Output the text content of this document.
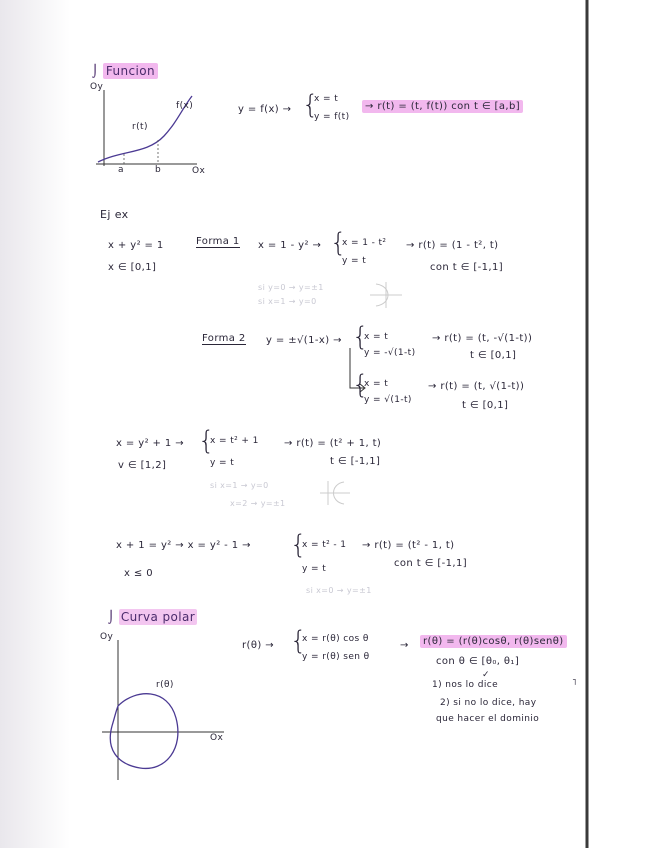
⌡ Funcion
Oy
f(x)
r(t)
a	b	Ox
y = f(x) → {
x = t
y = f(t)
→ r(t) = (t, f(t)) con t ∈ [a,b]
Ej ex
x + y² = 1
x ∈ [0,1]
Forma 1 x = 1 - y² → {
x = 1 - t²
y = t
→ r(t) = (1 - t², t)
con t ∈ [-1,1]
si y=0 → y=±1
si x=1 → y=0
Forma 2 y = ±√(1-x) → {
x = t
y = -√(1-t)
→ r(t) = (t, -√(1-t))
t ∈ [0,1]
{
x = t
y = √(1-t)
→ r(t) = (t, √(1-t))
t ∈ [0,1]
x = y² + 1 →
v ∈ [1,2]
{
x = t² + 1
y = t
→ r(t) = (t² + 1, t)
t ∈ [-1,1]
si x=1 → y=0
x=2 → y=±1
x + 1 = y² → x = y² - 1 →
x ≤ 0
{
x = t² - 1
y = t
→ r(t) = (t² - 1, t)
con t ∈ [-1,1]
si x=0 → y=±1
⌡ Curva polar
Oy
r(θ)
Ox
r(θ) → {
x = r(θ) cos θ
y = r(θ) sen θ
→	r(θ) = (r(θ)cosθ, r(θ)senθ)
con θ ∈ [θ₀, θ₁]
✓
1) nos lo dice
2) si no lo dice, hay
que hacer el dominio
˥
